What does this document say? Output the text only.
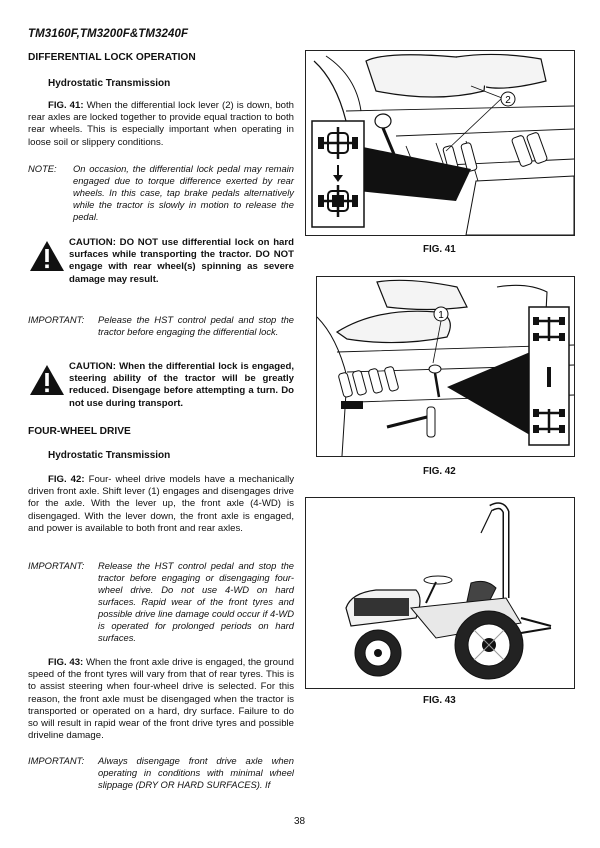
TM3160F,TM3200F&TM3240F
DIFFERENTIAL LOCK OPERATION
Hydrostatic Transmission
FIG. 41: When the differential lock lever (2) is down, both rear axles are locked together to provide equal traction to both rear wheels. This is especially important when operating in loose soil or slippery conditions.
NOTE: On occasion, the differential lock pedal may remain engaged due to torque difference exerted by rear wheels. In this case, tap brake pedals alternatively while the tractor is slowly in motion to release the pedal.
CAUTION: DO NOT use differential lock on hard surfaces while transporting the tractor. DO NOT engage with rear wheel(s) spinning as severe damage may result.
IMPORTANT: Pelease the HST control pedal and stop the tractor before engaging the differential lock.
CAUTION: When the differential lock is engaged, steering ability of the tractor will be greatly reduced. Disengage before attempting a turn. Do not use during transport.
FOUR-WHEEL DRIVE
Hydrostatic Transmission
FIG. 42: Four- wheel drive models have a mechanically driven front axle. Shift lever (1) engages and disengages drive for the axle. With the lever up, the front axle (4-WD) is disengaged. With the lever down, the front axle is engaged, and power is available to both front and rear axles.
IMPORTANT: Release the HST control pedal and stop the tractor before engaging or disengaging four-wheel drive. Do not use 4-WD on hard surfaces. Rapid wear of the front tyres and possible drive line damage could occur if 4-WD is operated for prolonged periods on hard surfaces.
FIG. 43: When the front axle drive is engaged, the ground speed of the front tyres will vary from that of rear tyres. This is to assist steering when four-wheel drive is selected. For this reason, the front axle must be disengaged when the tractor is transported or operated on a hard, dry surface. Failure to do so will result in rapid wear of the front drive tyres and possible driveline damage.
IMPORTANT: Always disengage front drive axle when operating in conditions with minimal wheel slippage (DRY OR HARD SURFACES). If
2
FIG. 41
1
FIG. 42
FIG. 43
38
